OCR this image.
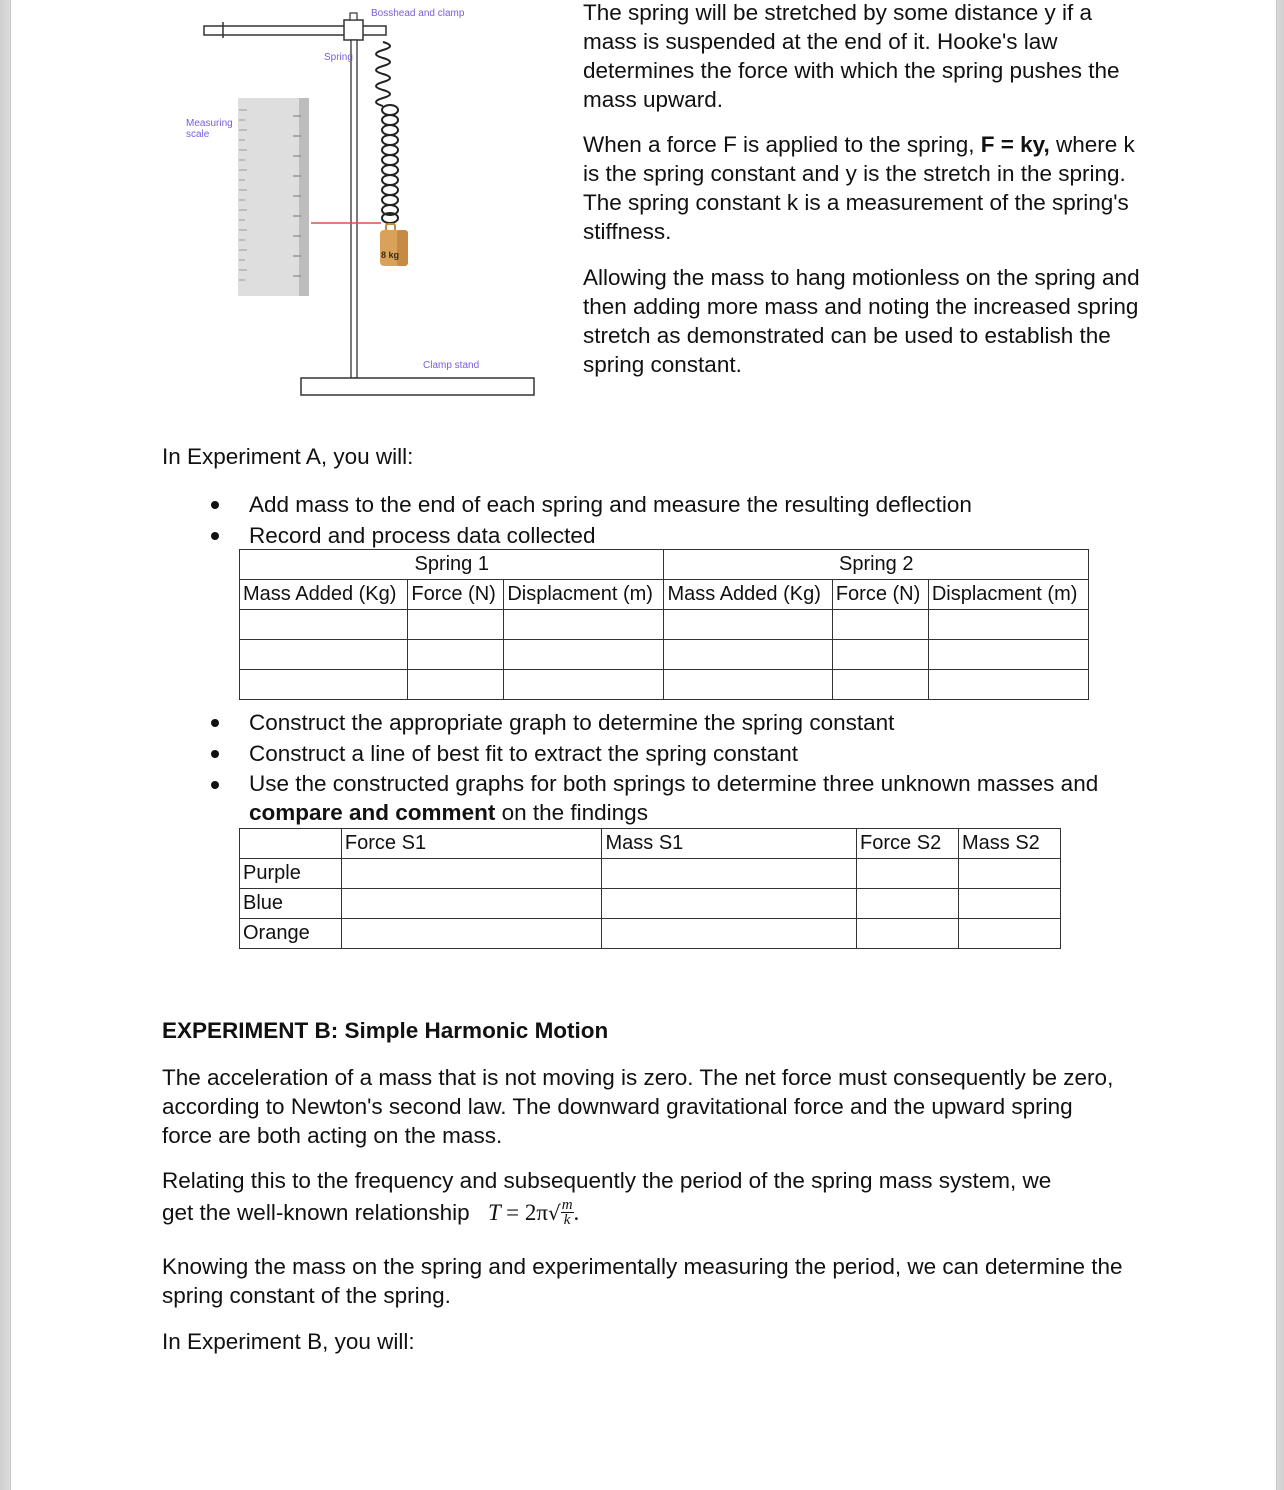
Bosshead and clamp
Spring
Measuring scale
Clamp stand
8 kg
The spring will be stretched by some distance y if a mass is suspended at the end of it. Hooke's law determines the force with which the spring pushes the mass upward.
When a force F is applied to the spring, F = ky, where k is the spring constant and y is the stretch in the spring. The spring constant k is a measurement of the spring's stiffness.
Allowing the mass to hang motionless on the spring and then adding more mass and noting the increased spring stretch as demonstrated can be used to establish the spring constant.
In Experiment A, you will:
Add mass to the end of each spring and measure the resulting deflection
Record and process data collected
Spring 1			Spring 2		
Mass Added (Kg)	Force (N)	Displacment (m)	Mass Added (Kg)	Force (N)	Displacment (m)

Construct the appropriate graph to determine the spring constant
Construct a line of best fit to extract the spring constant
Use the constructed graphs for both springs to determine three unknown masses and compare and comment on the findings
	Force S1	Mass S1	Force S2	Mass S2
Purple				
Blue				
Orange				
EXPERIMENT B: Simple Harmonic Motion
The acceleration of a mass that is not moving is zero. The net force must consequently be zero, according to Newton's second law. The downward gravitational force and the upward spring force are both acting on the mass.
Relating this to the frequency and subsequently the period of the spring mass system, we
get the well-known relationship $T = 2\pi√ \frac{m}{k}$ .
Knowing the mass on the spring and experimentally measuring the period, we can determine the spring constant of the spring.
In Experiment B, you will:
